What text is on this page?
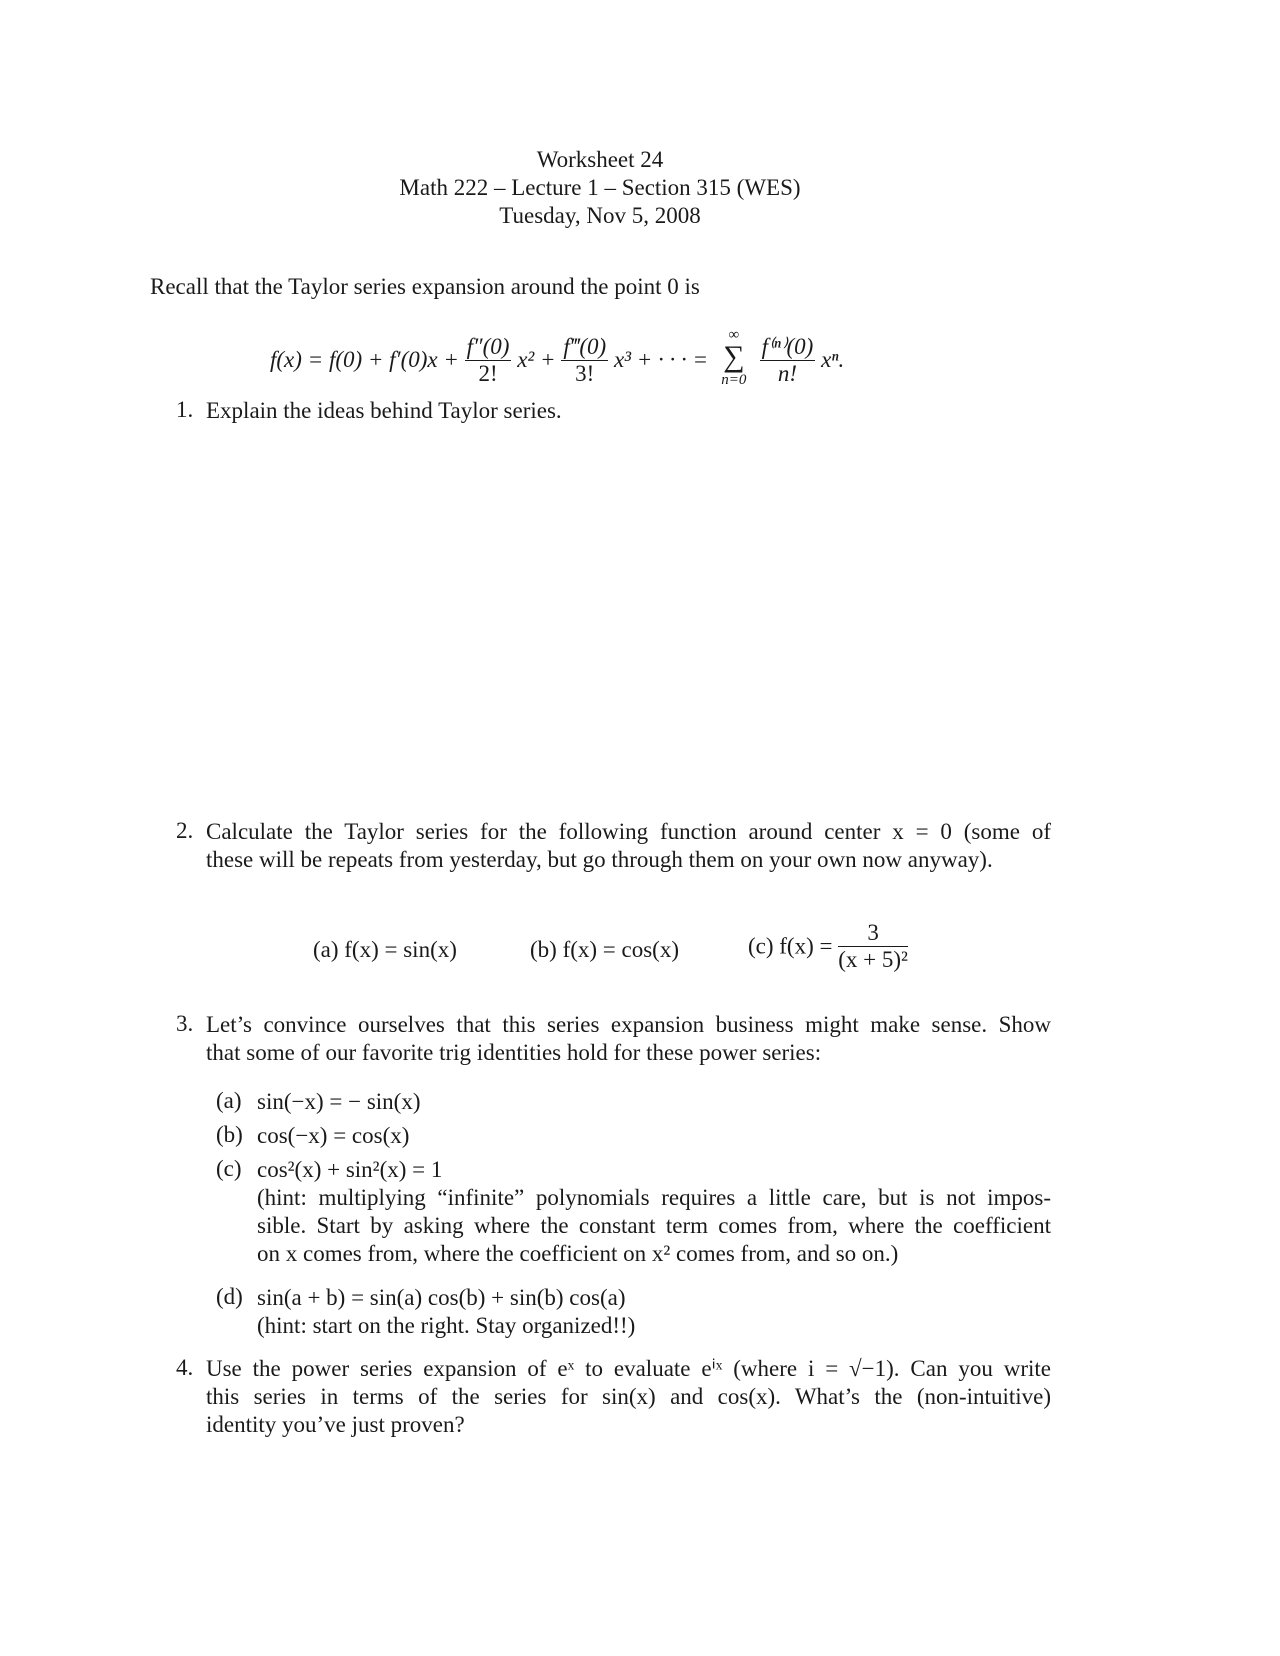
Worksheet 24
Math 222 – Lecture 1 – Section 315 (WES)
Tuesday, Nov 5, 2008
Recall that the Taylor series expansion around the point 0 is
$f(x) = f(0) + f'(0)x + \frac{f''(0)}{2!} x^2 + \frac{f‴(0)}{3!} x^3$ + · · · =
∞
∑
n=0
$\frac{\text{f⁽ⁿ⁾(0)}}{n!} x^n$.
1. Explain the ideas behind Taylor series.
2. Calculate the Taylor series for the following function around center x = 0 (some of
these will be repeats from yesterday, but go through them on your own now anyway).
(a) f(x) = sin(x)	(b) f(x) = cos(x)	(c) $f(x) = \frac{3}{\text{(x + 5)²}}$
3. Let’s convince ourselves that this series expansion business might make sense. Show
that some of our favorite trig identities hold for these power series:
(a) sin(−x) = − sin(x)
(b) cos(−x) = cos(x)
(c) cos²(x) + sin²(x) = 1
(hint: multiplying “infinite” polynomials requires a little care, but is not impos-
sible. Start by asking where the constant term comes from, where the coefficient
on x comes from, where the coefficient on x² comes from, and so on.)
(d) sin(a + b) = sin(a) cos(b) + sin(b) cos(a)
(hint: start on the right. Stay organized!!)
4. Use the power series expansion of eˣ to evaluate eⁱˣ (where i = √−1). Can you write
this series in terms of the series for sin(x) and cos(x). What’s the (non-intuitive)
identity you’ve just proven?
